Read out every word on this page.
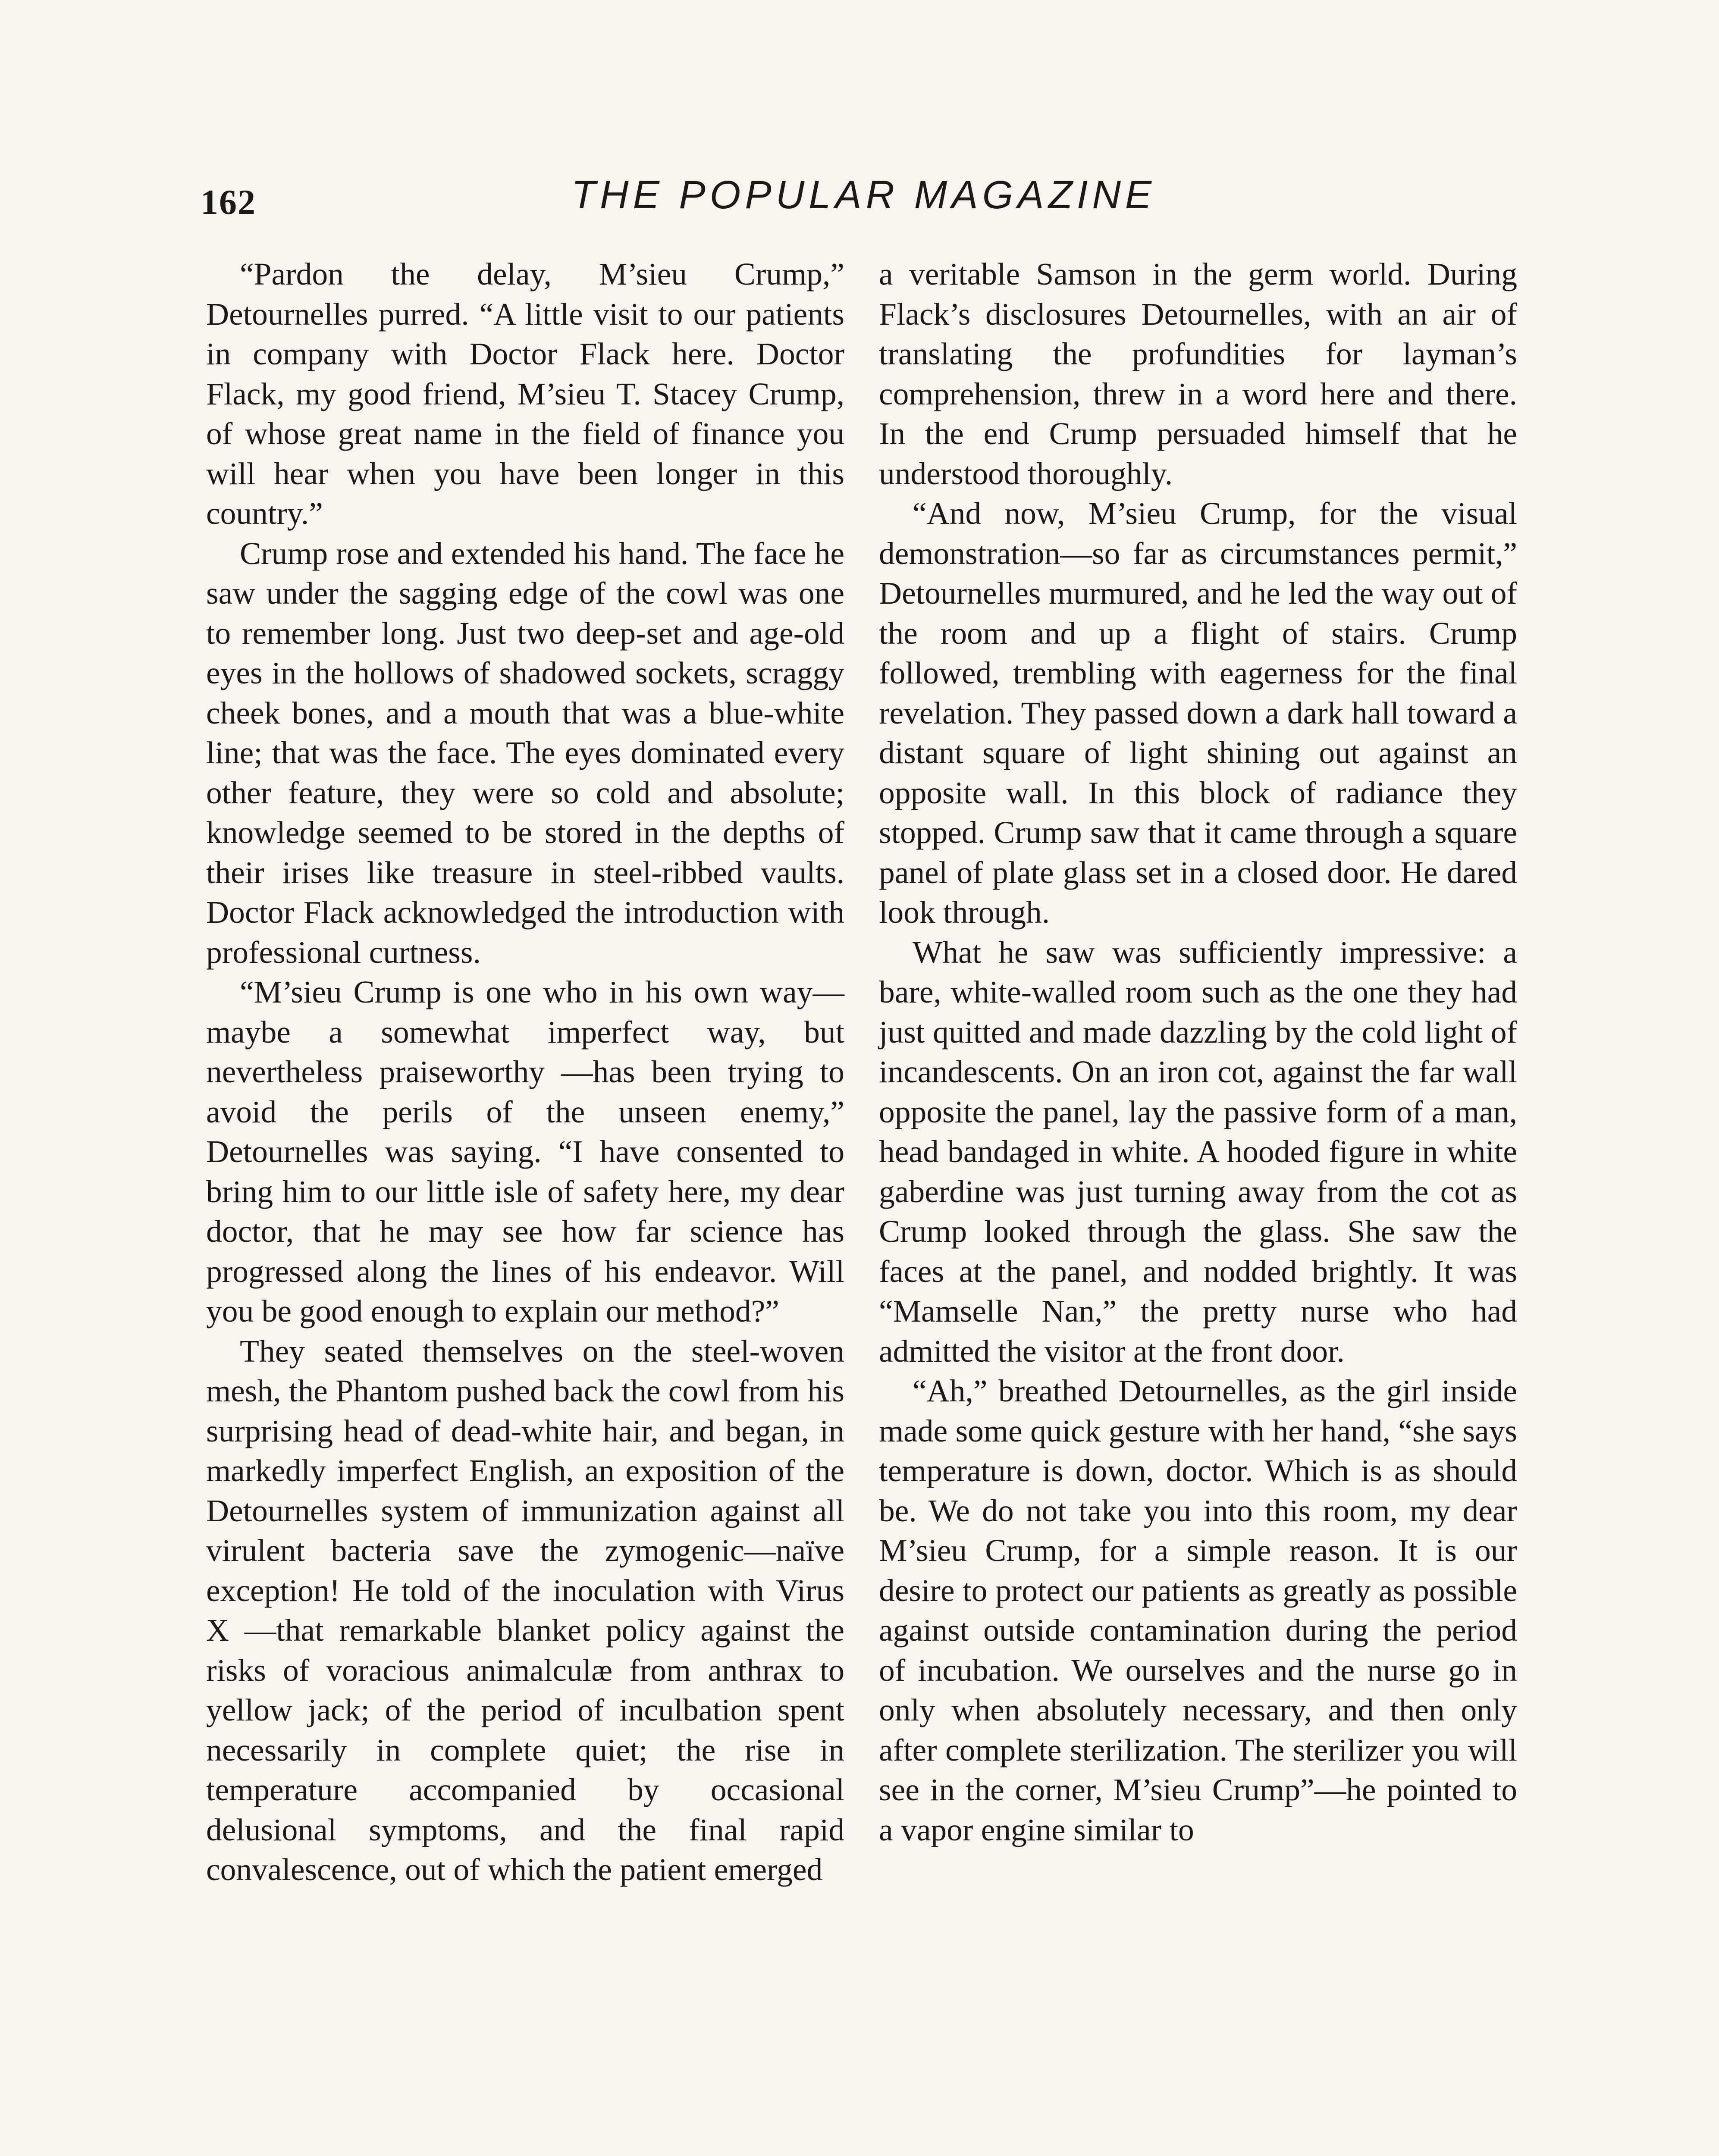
162	THE POPULAR MAGAZINE

“Pardon the delay, M’sieu Crump,” Detournelles purred. “A little visit to our patients in company with Doctor Flack here. Doctor Flack, my good friend, M’sieu T. Stacey Crump, of whose great name in the field of finance you will hear when you have been longer in this country.”

Crump rose and extended his hand. The face he saw under the sagging edge of the cowl was one to remember long. Just two deep-set and age-old eyes in the hollows of shadowed sockets, scraggy cheek bones, and a mouth that was a blue-white line; that was the face. The eyes dominated every other feature, they were so cold and absolute; knowledge seemed to be stored in the depths of their irises like treasure in steel-ribbed vaults. Doctor Flack acknowledged the introduction with professional curtness.

“M’sieu Crump is one who in his own way—maybe a somewhat imperfect way, but nevertheless praiseworthy —has been trying to avoid the perils of the unseen enemy,” Detournelles was saying. “I have consented to bring him to our little isle of safety here, my dear doctor, that he may see how far science has progressed along the lines of his endeavor. Will you be good enough to explain our method?”

They seated themselves on the steel-woven mesh, the Phantom pushed back the cowl from his surprising head of dead-white hair, and began, in markedly imperfect English, an exposition of the Detournelles system of immunization against all virulent bacteria save the zymogenic—naïve exception! He told of the inoculation with Virus X —that remarkable blanket policy against the risks of voracious animalculæ from anthrax to yellow jack; of the period of inculbation spent necessarily in complete quiet; the rise in temperature accompanied by occasional delusional symptoms, and the final rapid convalescence, out of which the patient emerged

a veritable Samson in the germ world. During Flack’s disclosures Detournelles, with an air of translating the profundities for layman’s comprehension, threw in a word here and there. In the end Crump persuaded himself that he understood thoroughly.

“And now, M’sieu Crump, for the visual demonstration—so far as circumstances permit,” Detournelles murmured, and he led the way out of the room and up a flight of stairs. Crump followed, trembling with eagerness for the final revelation. They passed down a dark hall toward a distant square of light shining out against an opposite wall. In this block of radiance they stopped. Crump saw that it came through a square panel of plate glass set in a closed door. He dared look through.

What he saw was sufficiently impressive: a bare, white-walled room such as the one they had just quitted and made dazzling by the cold light of incandescents. On an iron cot, against the far wall opposite the panel, lay the passive form of a man, head bandaged in white. A hooded figure in white gaberdine was just turning away from the cot as Crump looked through the glass. She saw the faces at the panel, and nodded brightly. It was “Mamselle Nan,” the pretty nurse who had admitted the visitor at the front door.

“Ah,” breathed Detournelles, as the girl inside made some quick gesture with her hand, “she says temperature is down, doctor. Which is as should be. We do not take you into this room, my dear M’sieu Crump, for a simple reason. It is our desire to protect our patients as greatly as possible against outside contamination during the period of incubation. We ourselves and the nurse go in only when absolutely necessary, and then only after complete sterilization. The sterilizer you will see in the corner, M’sieu Crump”—he pointed to a vapor engine similar to
